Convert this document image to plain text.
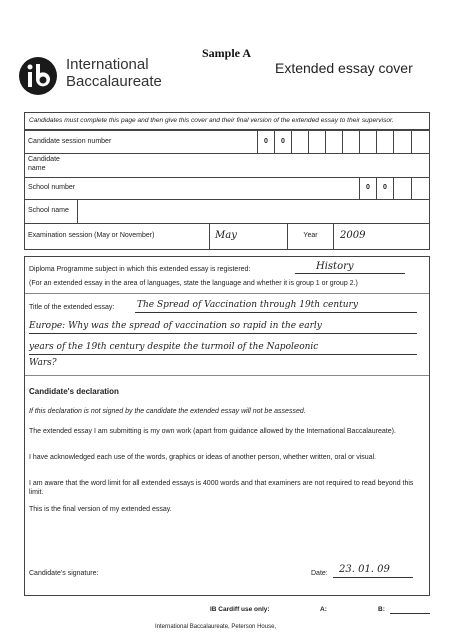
Sample A
International
Baccalaureate
Extended essay cover
Candidates must complete this page and then give this cover and their final version of the extended essay to their supervisor.
Candidate session number	0	0
Candidate
name
School number	0	0
School name
Examination session (May or November)	May	Year	2009
Diploma Programme subject in which this extended essay is registered:	History
(For an extended essay in the area of languages, state the language and whether it is group 1 or group 2.)
Title of the extended essay:	The Spread of Vaccination through 19th century
Europe: Why was the spread of vaccination so rapid in the early
years of the 19th century despite the turmoil of the Napoleonic
Wars?
Candidate's declaration
If this declaration is not signed by the candidate the extended essay will not be assessed.
The extended essay I am submitting is my own work (apart from guidance allowed by the International Baccalaureate).
I have acknowledged each use of the words, graphics or ideas of another person, whether written, oral or visual.
I am aware that the word limit for all extended essays is 4000 words and that examiners are not required to read beyond this limit.
This is the final version of my extended essay.
Candidate's signature:	Date: 23. 01. 09
IB Cardiff use only:	A:	B:
International Baccalaureate, Peterson House,
